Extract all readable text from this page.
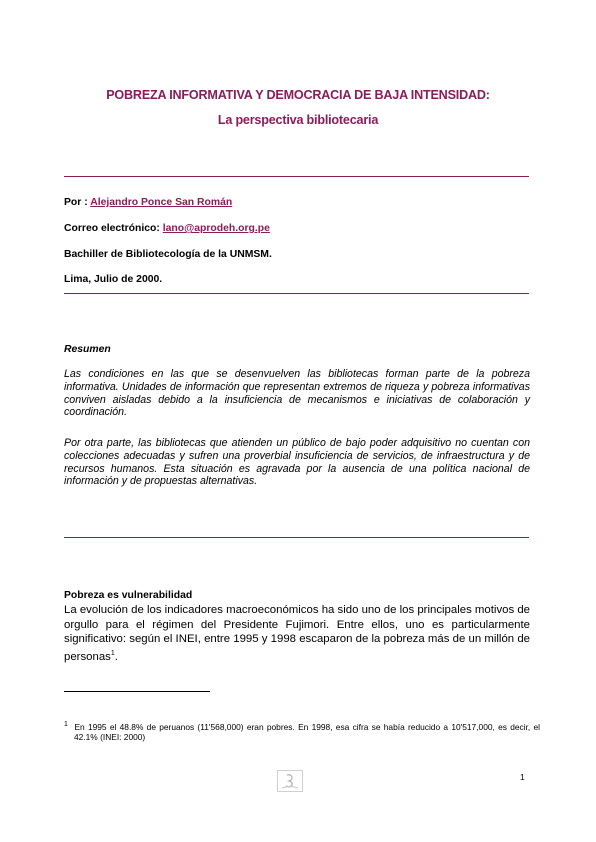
POBREZA INFORMATIVA Y DEMOCRACIA DE BAJA INTENSIDAD:
La perspectiva bibliotecaria
Por : Alejandro Ponce San Román
Correo electrónico: lano@aprodeh.org.pe
Bachiller de Bibliotecología de la UNMSM.
Lima, Julio de 2000.
Resumen

Las condiciones en las que se desenvuelven las bibliotecas forman parte de la pobreza informativa. Unidades de información que representan extremos de riqueza y pobreza informativas conviven aisladas debido a la insuficiencia de mecanismos e iniciativas de colaboración y coordinación.

Por otra parte, las bibliotecas que atienden un público de bajo poder adquisitivo no cuentan con colecciones adecuadas y sufren una proverbial insuficiencia de servicios, de infraestructura y de recursos humanos. Esta situación es agravada por la ausencia de una política nacional de información y de propuestas alternativas.

Pobreza es vulnerabilidad

La evolución de los indicadores macroeconómicos ha sido uno de los principales motivos de orgullo para el régimen del Presidente Fujimori. Entre ellos, uno es particularmente significativo: según el INEI, entre 1995 y 1998 escaparon de la pobreza más de un millón de personas$^1$.

$^1$ En 1995 el 48.8% de peruanos (11'568,000) eran pobres. En 1998, esa cifra se había reducido a 10'517,000, es decir, el 42.1% (INEI: 2000)

1
